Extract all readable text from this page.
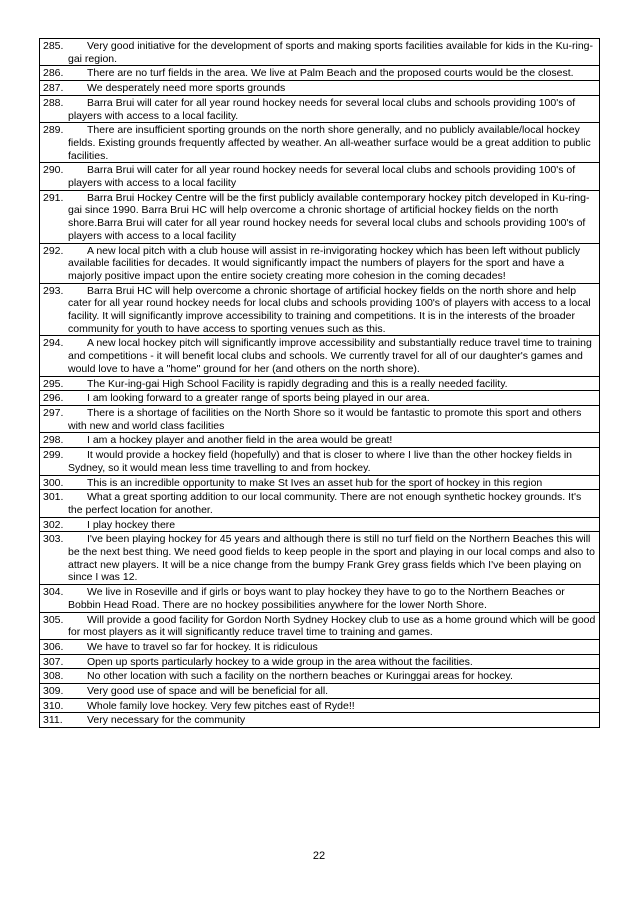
285. Very good initiative for the development of sports and making sports facilities available for kids in the Ku-ring-gai region.

286. There are no turf fields in the area. We live at Palm Beach and the proposed courts would be the closest.

287. We desperately need more sports grounds

288. Barra Brui will cater for all year round hockey needs for several local clubs and schools providing 100's of players with access to a local facility.

289. There are insufficient sporting grounds on the north shore generally, and no publicly available/local hockey fields. Existing grounds frequently affected by weather. An all-weather surface would be a great addition to public facilities.

290. Barra Brui will cater for all year round hockey needs for several local clubs and schools providing 100's of players with access to a local facility

291. Barra Brui Hockey Centre will be the first publicly available contemporary hockey pitch developed in Ku-ring-gai since 1990. Barra Brui HC will help overcome a chronic shortage of artificial hockey fields on the north shore.Barra Brui will cater for all year round hockey needs for several local clubs and schools providing 100's of players with access to a local facility

292. A new local pitch with a club house will assist in re-invigorating hockey which has been left without publicly available facilities for decades. It would significantly impact the numbers of players for the sport and have a majorly positive impact upon the entire society creating more cohesion in the coming decades!

293. Barra Brui HC will help overcome a chronic shortage of artificial hockey fields on the north shore and help cater for all year round hockey needs for local clubs and schools providing 100's of players with access to a local facility. It will significantly improve accessibility to training and competitions. It is in the interests of the broader community for youth to have access to sporting venues such as this.

294. A new local hockey pitch will significantly improve accessibility and substantially reduce travel time to training and competitions - it will benefit local clubs and schools. We currently travel for all of our daughter's games and would love to have a "home" ground for her (and others on the north shore).

295. The Kur-ing-gai High School Facility is rapidly degrading and this is a really needed facility.

296. I am looking forward to a greater range of sports being played in our area.

297. There is a shortage of facilities on the North Shore so it would be fantastic to promote this sport and others with new and world class facilities

298. I am a hockey player and another field in the area would be great!

299. It would provide a hockey field (hopefully) and that is closer to where I live than the other hockey fields in Sydney, so it would mean less time travelling to and from hockey.

300. This is an incredible opportunity to make St Ives an asset hub for the sport of hockey in this region

301. What a great sporting addition to our local community. There are not enough synthetic hockey grounds. It's the perfect location for another.

302. I play hockey there

303. I've been playing hockey for 45 years and although there is still no turf field on the Northern Beaches this will be the next best thing. We need good fields to keep people in the sport and playing in our local comps and also to attract new players. It will be a nice change from the bumpy Frank Grey grass fields which I've been playing on since I was 12.

304. We live in Roseville and if girls or boys want to play hockey they have to go to the Northern Beaches or Bobbin Head Road. There are no hockey possibilities anywhere for the lower North Shore.

305. Will provide a good facility for Gordon North Sydney Hockey club to use as a home ground which will be good for most players as it will significantly reduce travel time to training and games.

306. We have to travel so far for hockey. It is ridiculous

307. Open up sports particularly hockey to a wide group in the area without the facilities.

308. No other location with such a facility on the northern beaches or Kuringgai areas for hockey.

309. Very good use of space and will be beneficial for all.

310. Whole family love hockey. Very few pitches east of Ryde!!

311. Very necessary for the community
22
